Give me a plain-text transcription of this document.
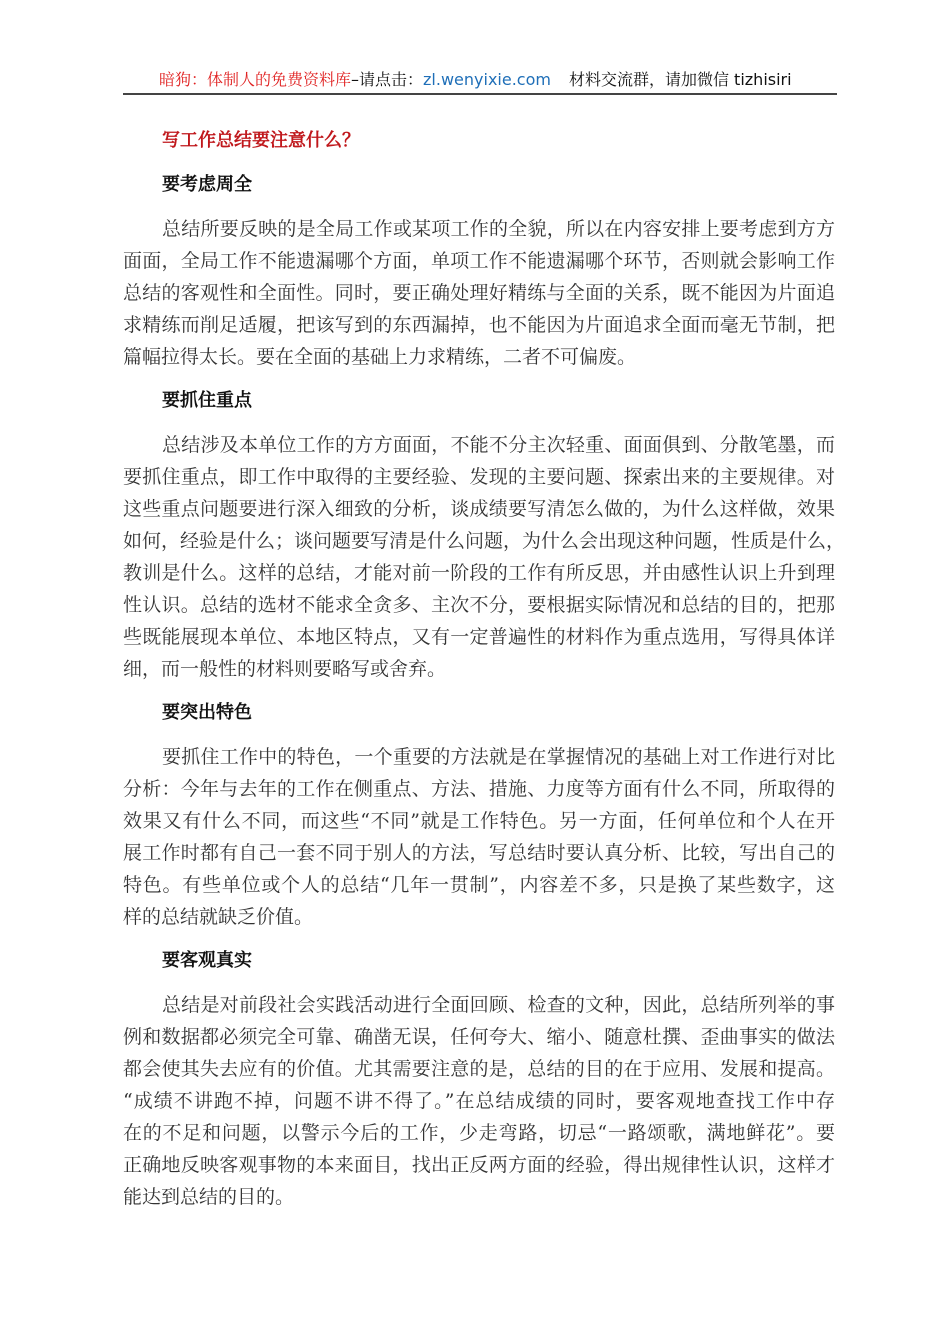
暗狗：体制人的免费资料库–请点击：zl.wenyixie.com 材料交流群，请加微信 tizhisiri
写工作总结要注意什么？
要考虑周全
总结所要反映的是全局工作或某项工作的全貌，所以在内容安排上要考虑到方方
面面，全局工作不能遗漏哪个方面，单项工作不能遗漏哪个环节，否则就会影响工作
总结的客观性和全面性。同时，要正确处理好精练与全面的关系，既不能因为片面追
求精练而削足适履，把该写到的东西漏掉，也不能因为片面追求全面而毫无节制，把
篇幅拉得太长。要在全面的基础上力求精练，二者不可偏废。
要抓住重点
总结涉及本单位工作的方方面面，不能不分主次轻重、面面俱到、分散笔墨，而
要抓住重点，即工作中取得的主要经验、发现的主要问题、探索出来的主要规律。对
这些重点问题要进行深入细致的分析，谈成绩要写清怎么做的，为什么这样做，效果
如何，经验是什么；谈问题要写清是什么问题，为什么会出现这种问题，性质是什么，
教训是什么。这样的总结，才能对前一阶段的工作有所反思，并由感性认识上升到理
性认识。总结的选材不能求全贪多、主次不分，要根据实际情况和总结的目的，把那
些既能展现本单位、本地区特点，又有一定普遍性的材料作为重点选用，写得具体详
细，而一般性的材料则要略写或舍弃。
要突出特色
要抓住工作中的特色，一个重要的方法就是在掌握情况的基础上对工作进行对比
分析：今年与去年的工作在侧重点、方法、措施、力度等方面有什么不同，所取得的
效果又有什么不同，而这些“不同”就是工作特色。另一方面，任何单位和个人在开
展工作时都有自己一套不同于别人的方法，写总结时要认真分析、比较，写出自己的
特色。有些单位或个人的总结“几年一贯制”，内容差不多，只是换了某些数字，这
样的总结就缺乏价值。
要客观真实
总结是对前段社会实践活动进行全面回顾、检查的文种，因此，总结所列举的事
例和数据都必须完全可靠、确凿无误，任何夸大、缩小、随意杜撰、歪曲事实的做法
都会使其失去应有的价值。尤其需要注意的是，总结的目的在于应用、发展和提高。
“成绩不讲跑不掉，问题不讲不得了。”在总结成绩的同时，要客观地查找工作中存
在的不足和问题，以警示今后的工作，少走弯路，切忌“一路颂歌，满地鲜花”。要
正确地反映客观事物的本来面目，找出正反两方面的经验，得出规律性认识，这样才
能达到总结的目的。
